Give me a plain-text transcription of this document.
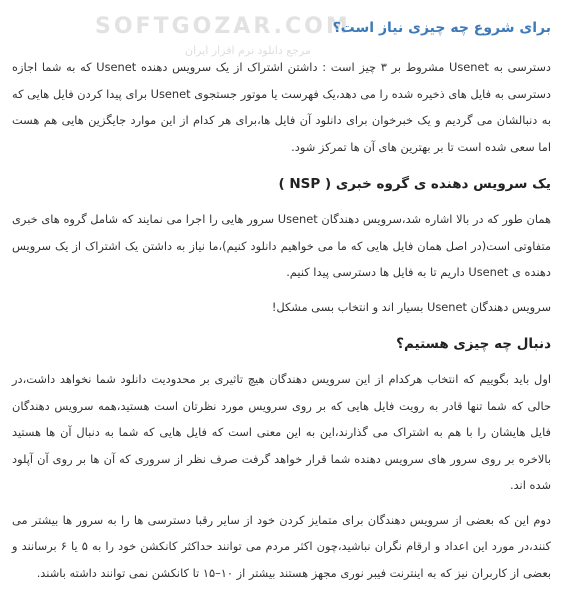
SOFTGOZAR.COM
مرجع دانلود نرم افزار ایران
برای شروع چه چیزی نیاز است؟

دسترسی به Usenet مشروط بر ۳ چیز است : داشتن اشتراک از یک سرویس دهنده Usenet که به شما اجازه دسترسی به فایل های ذخیره شده را می دهد،یک فهرست یا موتور جستجوی Usenet برای پیدا کردن فایل هایی که به دنبالشان می گردیم و یک خبرخوان برای دانلود آن فایل ها،برای هر کدام از این موارد جایگزین هایی هم هست اما سعی شده است تا بر بهترین های آن ها تمرکز شود.

یک سرویس دهنده ی گروه خبری ( NSP )

همان طور که در بالا اشاره شد،سرویس دهندگان Usenet سرور هایی را اجرا می نمایند که شامل گروه های خبری متفاوتی است(در اصل همان فایل هایی که ما می خواهیم دانلود کنیم)،ما نیاز به داشتن یک اشتراک از یک سرویس دهنده ی Usenet داریم تا به فایل ها دسترسی پیدا کنیم.

سرویس دهندگان Usenet بسیار اند و انتخاب بسی مشکل!

دنبال چه چیزی هستیم؟

اول باید بگوییم که انتخاب هرکدام از این سرویس دهندگان هیچ تاثیری بر محدودیت دانلود شما نخواهد داشت،در حالی که شما تنها قادر به رویت فایل هایی که بر روی سرویس مورد نظرتان است هستید،همه سرویس دهندگان فایل هایشان را با هم به اشتراک می گذارند،این به این معنی است که فایل هایی که شما به دنبال آن ها هستید بالاخره بر روی سرور های سرویس دهنده شما قرار خواهد گرفت صرف نظر از سروری که آن ها بر روی آن آپلود شده اند.

دوم این که بعضی از سرویس دهندگان برای متمایز کردن خود از سایر رقبا دسترسی ها را به سرور ها بیشتر می کنند،در مورد این اعداد و ارقام نگران نباشید،چون اکثر مردم می توانند حداکثر کانکشن خود را به ۵ یا ۶ برسانند و بعضی از کاربران نیز که به اینترنت فیبر نوری مجهز هستند بیشتر از ۱۰–۱۵ تا کانکشن نمی توانند داشته باشند.
